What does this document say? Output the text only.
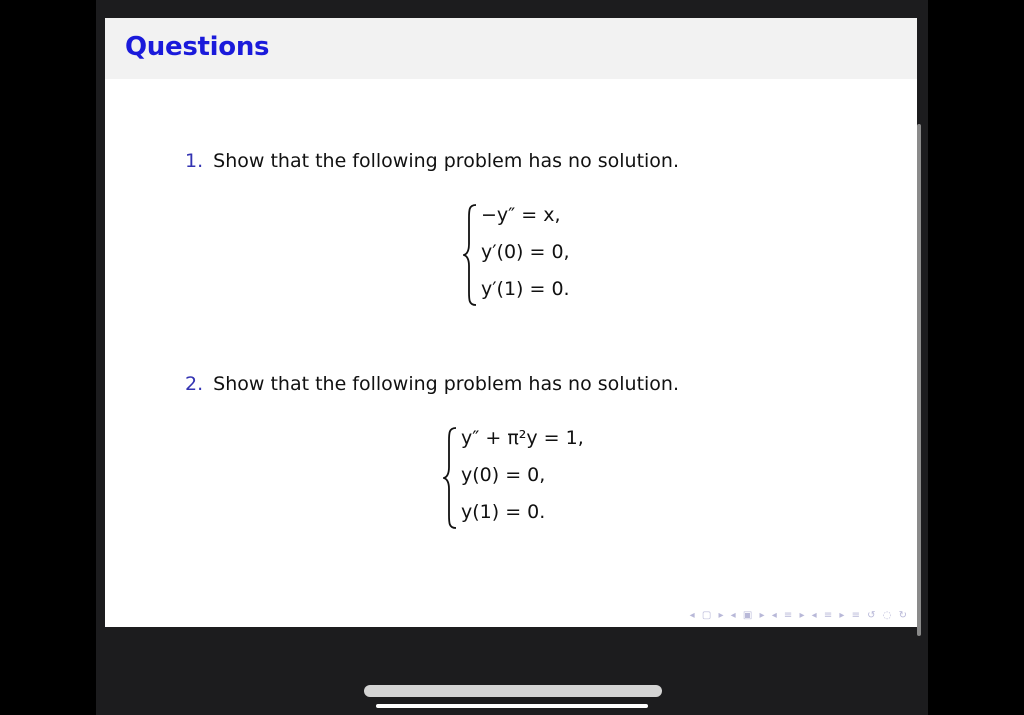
Questions
1. Show that the following problem has no solution.
−y″ = x,
y′(0) = 0,
y′(1) = 0.
2. Show that the following problem has no solution.
y″ + π²y = 1,
y(0) = 0,
y(1) = 0.
◂ ▢ ▸ ◂ ▣ ▸ ◂ ≡ ▸ ◂ ≡ ▸ ≡ ↺ ◌ ↻
